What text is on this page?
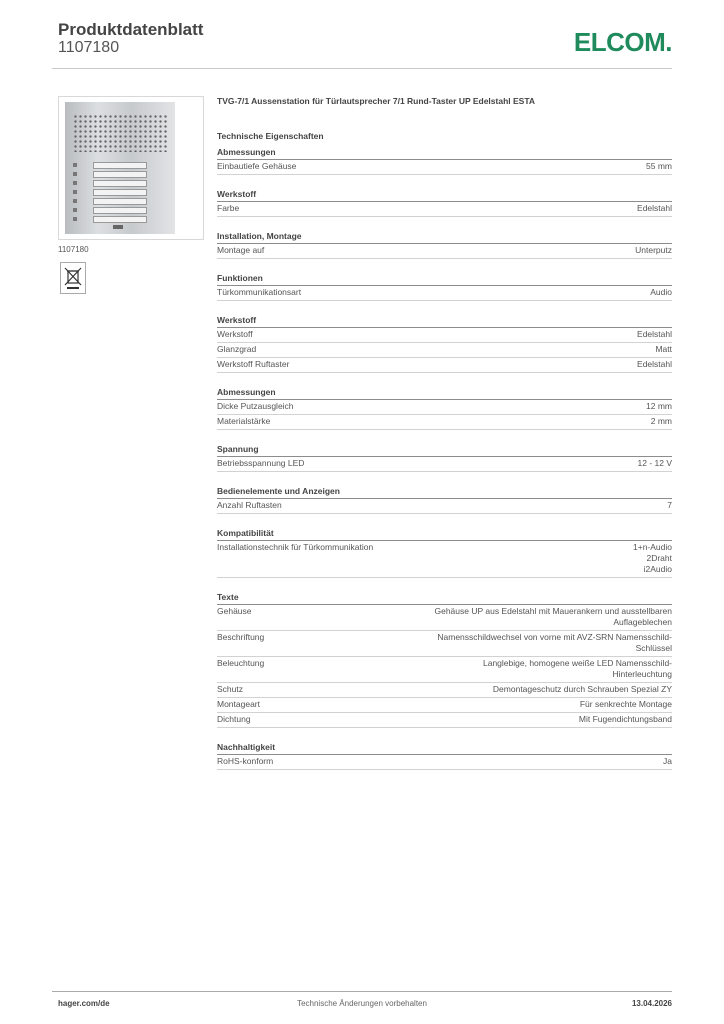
Produktdatenblatt
1107180	ELCOM.
1107180
TVG-7/1 Aussenstation für Türlautsprecher 7/1 Rund-Taster UP Edelstahl ESTA
Technische Eigenschaften
Abmessungen
Einbautiefe Gehäuse	55 mm
Werkstoff
Farbe	Edelstahl
Installation, Montage
Montage auf	Unterputz
Funktionen
Türkommunikationsart	Audio
Werkstoff
Werkstoff	Edelstahl
Glanzgrad	Matt
Werkstoff Ruftaster	Edelstahl
Abmessungen
Dicke Putzausgleich	12 mm
Materialstärke	2 mm
Spannung
Betriebsspannung LED	12 - 12 V
Bedienelemente und Anzeigen
Anzahl Ruftasten	7
Kompatibilität
Installationstechnik für Türkommunikation	1+n-Audio
2Draht
i2Audio
Texte
Gehäuse	Gehäuse UP aus Edelstahl mit Mauerankern und ausstellbaren
Auflageblechen
Beschriftung	Namensschildwechsel von vorne mit AVZ-SRN Namensschild-
Schlüssel
Beleuchtung	Langlebige, homogene weiße LED Namensschild-
Hinterleuchtung
Schutz	Demontageschutz durch Schrauben Spezial ZY
Montageart	Für senkrechte Montage
Dichtung	Mit Fugendichtungsband
Nachhaltigkeit
RoHS-konform	Ja
hager.com/de	Technische Änderungen vorbehalten	13.04.2026
